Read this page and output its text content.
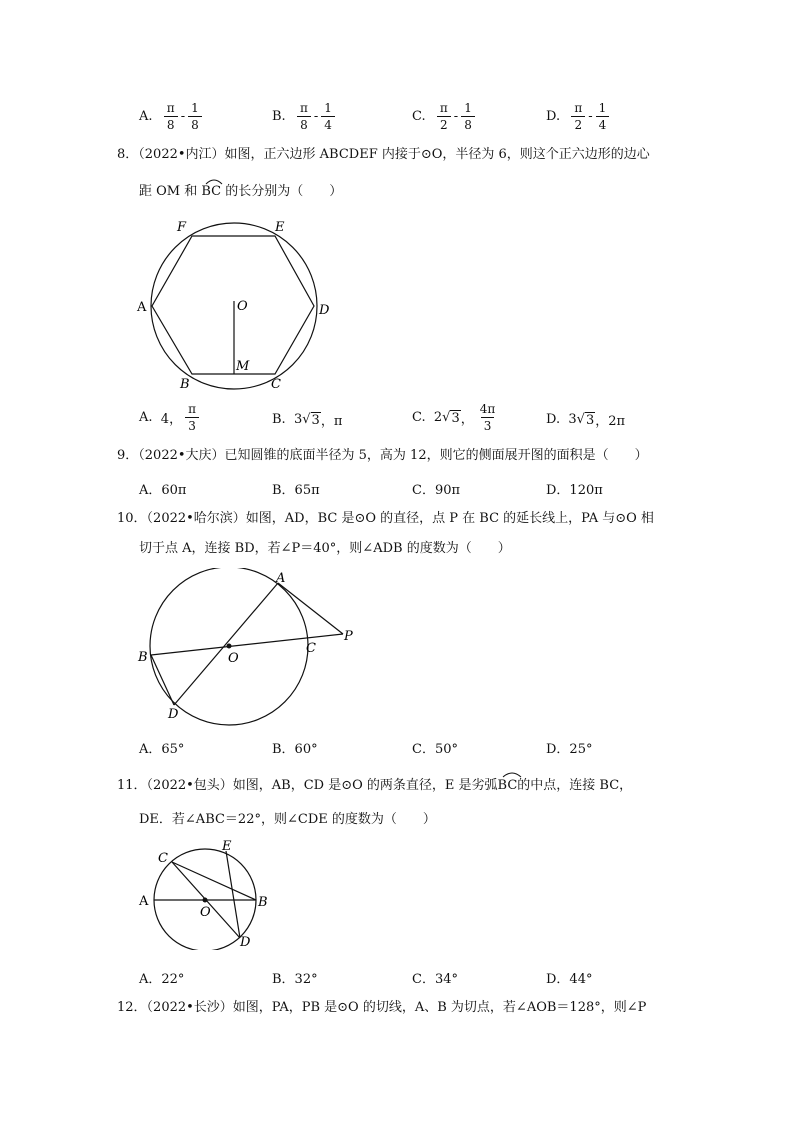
A.
$\frac{\pi}{8} - \frac{1}{8}$	B.
$\frac{\pi}{8} - \frac{1}{4}$	C.
$\frac{\pi}{2} - \frac{1}{8}$	D.
$\frac{\pi}{2} - \frac{1}{4}$
8．（2022•内江）如图，正六边形 ABCDEF 内接于⊙O，半径为 6，则这个正六边形的边心
距 OM 和 BC 的长分别为（　　）
F	E
A	D
O
M
B	C
A.
4， $\frac{\pi}{3}$	B.
3 √ 3 ，π	C.
2 √ 3 ， $\frac{4\pi}{3}$	D.
3 √ 3 ，2π
9．（2022•大庆）已知圆锥的底面半径为 5，高为 12，则它的侧面展开图的面积是（　　）
A．60π	B．65π	C．90π	D．120π
10．（2022•哈尔滨）如图，AD，BC 是⊙O 的直径，点 P 在 BC 的延长线上，PA 与⊙O 相
切于点 A，连接 BD，若∠P＝40°，则∠ADB 的度数为（　　）
A
B	O
C
P
D
A．65°	B．60°	C．50°	D．25°
11．（2022•包头）如图，AB，CD 是⊙O 的两条直径，E 是劣弧BC的中点，连接 BC，
DE．若∠ABC＝22°，则∠CDE 的度数为（　　）
C
E
A
O
B
D
A．22°	B．32°	C．34°	D．44°
12．（2022•长沙）如图，PA，PB 是⊙O 的切线，A、B 为切点，若∠AOB＝128°，则∠P
